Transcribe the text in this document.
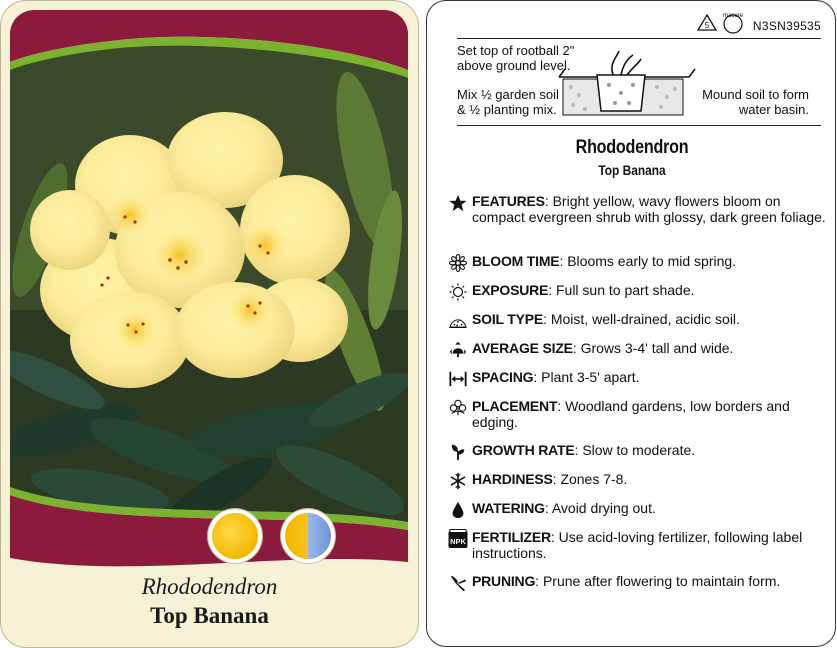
Rhododendron
Top Banana
5
macore
N3SN39535
Set top of rootball 2"
above ground level.
Mix ½ garden soil
& ½ planting mix.
Mound soil to form
water basin.
Rhododendron
Top Banana
FEATURES: Bright yellow, wavy flowers bloom on compact evergreen shrub with glossy, dark green foliage.
BLOOM TIME: Blooms early to mid spring.
EXPOSURE: Full sun to part shade.
SOIL TYPE: Moist, well-drained, acidic soil.
AVERAGE SIZE: Grows 3-4' tall and wide.
SPACING: Plant 3-5' apart.
PLACEMENT: Woodland gardens, low borders and edging.
GROWTH RATE: Slow to moderate.
HARDINESS: Zones 7-8.
WATERING: Avoid drying out.
NPK FERTILIZER: Use acid-loving fertilizer, following label instructions.
PRUNING: Prune after flowering to maintain form.
